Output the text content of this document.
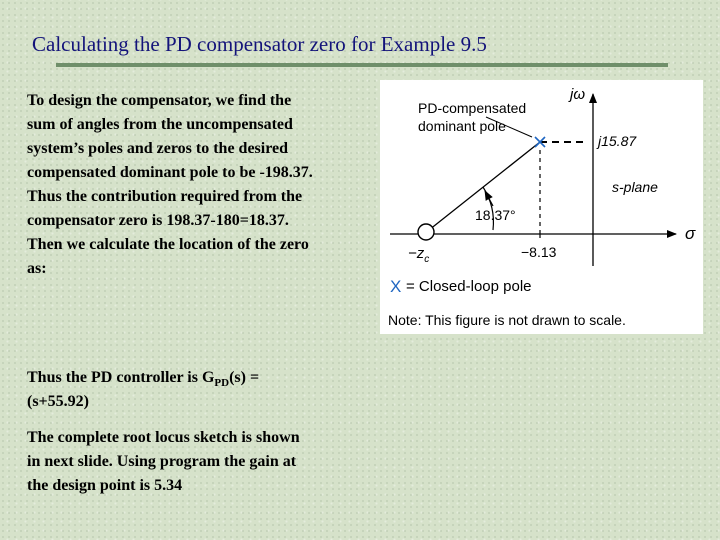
Calculating the PD compensator zero for Example 9.5

To design the compensator, we find the
sum of angles from the uncompensated
system’s poles and zeros to the desired
compensated dominant pole to be -198.37.
Thus the contribution required from the
compensator zero is 198.37-180=18.37.
Then we calculate the location of the zero
as:

Thus the PD controller is $G_{PD}(s)$ =
(s+55.92)

The complete root locus sketch is shown
in next slide. Using program the gain at
the design point is 5.34

jω
σ
PD-compensated
dominant pole
j15.87
s-plane
18.37°
−8.13
$-z_c$
X = Closed-loop pole
Note: This figure is not drawn to scale.
